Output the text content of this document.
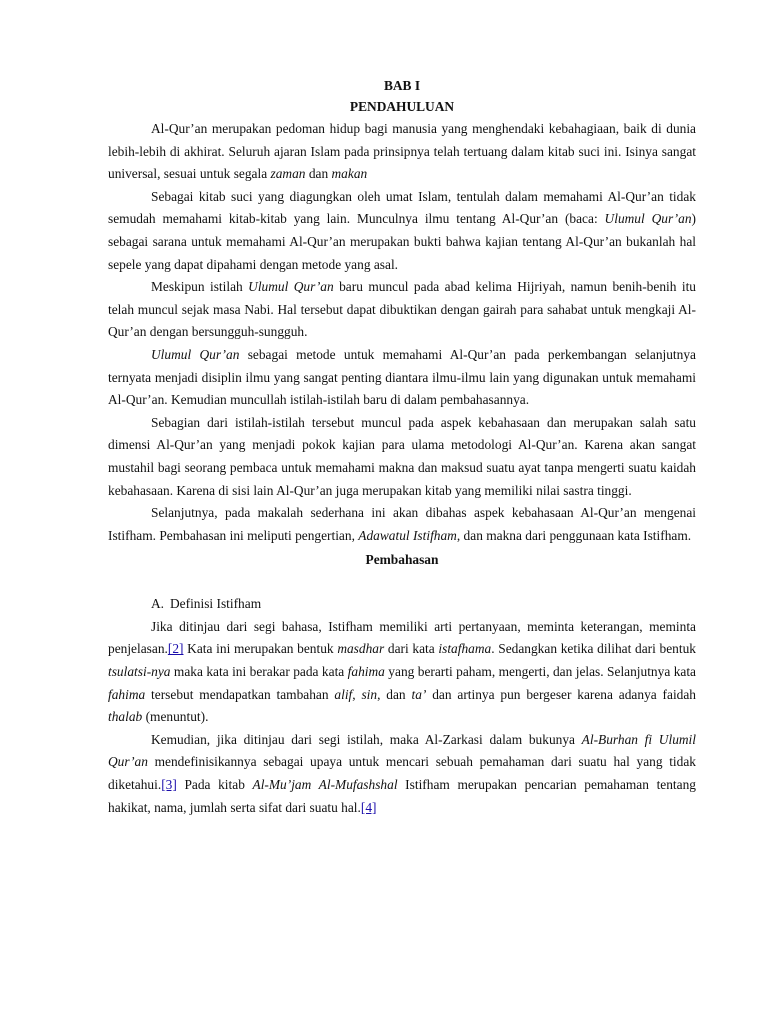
BAB I

PENDAHULUAN

Al-Qur’an merupakan pedoman hidup bagi manusia yang menghendaki kebahagiaan, baik di dunia lebih-lebih di akhirat. Seluruh ajaran Islam pada prinsipnya telah tertuang dalam kitab suci ini. Isinya sangat universal, sesuai untuk segala zaman dan makan

Sebagai kitab suci yang diagungkan oleh umat Islam, tentulah dalam memahami Al-Qur’an tidak semudah memahami kitab-kitab yang lain. Munculnya ilmu tentang Al-Qur’an (baca: Ulumul Qur’an) sebagai sarana untuk memahami Al-Qur’an merupakan bukti bahwa kajian tentang Al-Qur’an bukanlah hal sepele yang dapat dipahami dengan metode yang asal.

Meskipun istilah Ulumul Qur’an baru muncul pada abad kelima Hijriyah, namun benih-benih itu telah muncul sejak masa Nabi. Hal tersebut dapat dibuktikan dengan gairah para sahabat untuk mengkaji Al-Qur’an dengan bersungguh-sungguh.

Ulumul Qur’an sebagai metode untuk memahami Al-Qur’an pada perkembangan selanjutnya ternyata menjadi disiplin ilmu yang sangat penting diantara ilmu-ilmu lain yang digunakan untuk memahami Al-Qur’an. Kemudian muncullah istilah-istilah baru di dalam pembahasannya.

Sebagian dari istilah-istilah tersebut muncul pada aspek kebahasaan dan merupakan salah satu dimensi Al-Qur’an yang menjadi pokok kajian para ulama metodologi Al-Qur’an. Karena akan sangat mustahil bagi seorang pembaca untuk memahami makna dan maksud suatu ayat tanpa mengerti suatu kaidah kebahasaan. Karena di sisi lain Al-Qur’an juga merupakan kitab yang memiliki nilai sastra tinggi.

Selanjutnya, pada makalah sederhana ini akan dibahas aspek kebahasaan Al-Qur’an mengenai Istifham. Pembahasan ini meliputi pengertian, Adawatul Istifham, dan makna dari penggunaan kata Istifham.

Pembahasan

A. Definisi Istifham

Jika ditinjau dari segi bahasa, Istifham memiliki arti pertanyaan, meminta keterangan, meminta penjelasan.[2] Kata ini merupakan bentuk masdhar dari kata istafhama. Sedangkan ketika dilihat dari bentuk tsulatsi-nya maka kata ini berakar pada kata fahima yang berarti paham, mengerti, dan jelas. Selanjutnya kata fahima tersebut mendapatkan tambahan alif, sin, dan ta’ dan artinya pun bergeser karena adanya faidah thalab (menuntut).

Kemudian, jika ditinjau dari segi istilah, maka Al-Zarkasi dalam bukunya Al-Burhan fi Ulumil Qur’an mendefinisikannya sebagai upaya untuk mencari sebuah pemahaman dari suatu hal yang tidak diketahui.[3] Pada kitab Al-Mu’jam Al-Mufashshal Istifham merupakan pencarian pemahaman tentang hakikat, nama, jumlah serta sifat dari suatu hal.[4]
